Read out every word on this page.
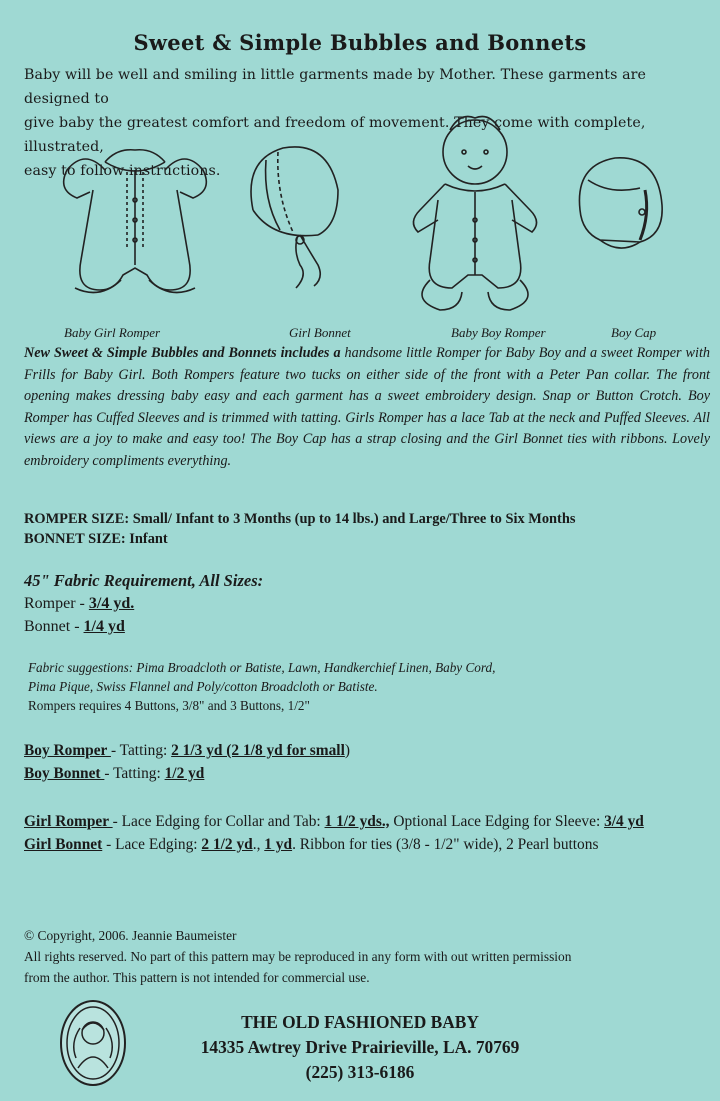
Sweet & Simple Bubbles and Bonnets
Baby will be well and smiling in little garments made by Mother. These garments are designed to
give baby the greatest comfort and freedom of movement. They come with complete, illustrated,
easy to follow instructions.
Baby Girl Romper	Girl Bonnet	Baby Boy Romper	Boy Cap
New Sweet & Simple Bubbles and Bonnets includes a handsome little Romper for Baby Boy and a sweet Romper with Frills for Baby Girl. Both Rompers feature two tucks on either side of the front with a Peter Pan collar. The front opening makes dressing baby easy and each garment has a sweet embroidery design. Snap or Button Crotch. Boy Romper has Cuffed Sleeves and is trimmed with tatting. Girls Romper has a lace Tab at the neck and Puffed Sleeves. All views are a joy to make and easy too! The Boy Cap has a strap closing and the Girl Bonnet ties with ribbons. Lovely embroidery compliments everything.
ROMPER SIZE: Small/ Infant to 3 Months (up to 14 lbs.) and Large/Three to Six Months
BONNET SIZE: Infant
45" Fabric Requirement, All Sizes:
Romper - 3/4 yd.
Bonnet - 1/4 yd
Fabric suggestions: Pima Broadcloth or Batiste, Lawn, Handkerchief Linen, Baby Cord,
Pima Pique, Swiss Flannel and Poly/cotton Broadcloth or Batiste.
Rompers requires 4 Buttons, 3/8" and 3 Buttons, 1/2"
Boy Romper - Tatting: 2 1/3 yd (2 1/8 yd for small)
Boy Bonnet - Tatting: 1/2 yd
Girl Romper - Lace Edging for Collar and Tab: 1 1/2 yds., Optional Lace Edging for Sleeve: 3/4 yd
Girl Bonnet - Lace Edging: 2 1/2 yd., 1 yd. Ribbon for ties (3/8 - 1/2" wide), 2 Pearl buttons
© Copyright, 2006. Jeannie Baumeister
All rights reserved. No part of this pattern may be reproduced in any form with out written permission
from the author. This pattern is not intended for commercial use.
THE OLD FASHIONED BABY
14335 Awtrey Drive Prairieville, LA. 70769
(225) 313-6186
